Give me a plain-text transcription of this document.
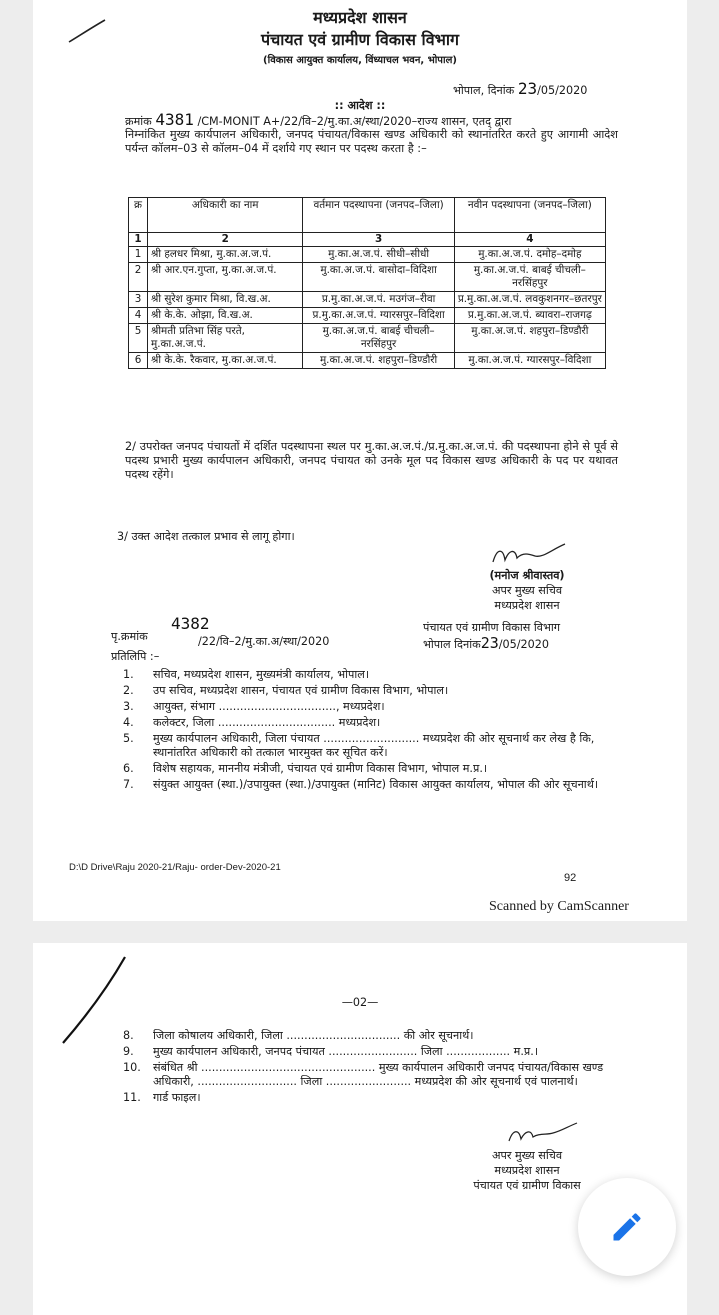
मध्यप्रदेश शासन
पंचायत एवं ग्रामीण विकास विभाग
(विकास आयुक्त कार्यालय, विंध्याचल भवन, भोपाल)
भोपाल, दिनांक 23/05/2020
:: आदेश ::
क्रमांक 4381 /CM-MONIT A+/22/वि–2/मु.का.अ/स्था/2020–राज्य शासन, एतद् द्वारा
निम्नांकित मुख्य कार्यपालन अधिकारी, जनपद पंचायत/विकास खण्ड अधिकारी को स्थानांतरित करते हुए आगामी आदेश पर्यन्त कॉलम–03 से कॉलम–04 में दर्शाये गए स्थान पर पदस्थ करता है :–
क्र	अधिकारी का नाम	वर्तमान पदस्थापना (जनपद–जिला)	नवीन पदस्थापना (जनपद–जिला)
1	2	3	4
1	श्री हलधर मिश्रा, मु.का.अ.ज.पं.	मु.का.अ.ज.पं. सीधी–सीधी	मु.का.अ.ज.पं. दमोह–दमोह
2	श्री आर.एन.गुप्ता, मु.का.अ.ज.पं.	मु.का.अ.ज.पं. बासोदा–विदिशा	मु.का.अ.ज.पं. बाबई चीचली–नरसिंहपुर
3	श्री सुरेश कुमार मिश्रा, वि.ख.अ.	प्र.मु.का.अ.ज.पं. मउगंज–रीवा	प्र.मु.का.अ.ज.पं. लवकुशनगर–छतरपुर
4	श्री के.के. ओझा, वि.ख.अ.	प्र.मु.का.अ.ज.पं. ग्यारसपुर–विदिशा	प्र.मु.का.अ.ज.पं. ब्यावरा–राजगढ़
5	श्रीमती प्रतिभा सिंह परते, मु.का.अ.ज.पं.	मु.का.अ.ज.पं. बाबई चीचली–नरसिंहपुर	मु.का.अ.ज.पं. शहपुरा–डिण्डौरी
6	श्री के.के. रैकवार, मु.का.अ.ज.पं.	मु.का.अ.ज.पं. शहपुरा–डिण्डौरी	मु.का.अ.ज.पं. ग्यारसपुर–विदिशा
2/ उपरोक्त जनपद पंचायतों में दर्शित पदस्थापना स्थल पर मु.का.अ.ज.पं./प्र.मु.का.अ.ज.पं. की पदस्थापना होने से पूर्व से पदस्थ प्रभारी मुख्य कार्यपालन अधिकारी, जनपद पंचायत को उनके मूल पद विकास खण्ड अधिकारी के पद पर यथावत पदस्थ रहेंगे।
3/ उक्त आदेश तत्काल प्रभाव से लागू होगा।
(मनोज श्रीवास्तव)
अपर मुख्य सचिव
मध्यप्रदेश शासन
पंचायत एवं ग्रामीण विकास विभाग
पृ.क्रमांक
4382
/22/वि–2/मु.का.अ/स्था/2020	भोपाल दिनांक23/05/2020
प्रतिलिपि :–
1.	सचिव, मध्यप्रदेश शासन, मुख्यमंत्री कार्यालय, भोपाल।
2.	उप सचिव, मध्यप्रदेश शासन, पंचायत एवं ग्रामीण विकास विभाग, भोपाल।
3.	आयुक्त, संभाग ................................., मध्यप्रदेश।
4.	कलेक्टर, जिला ................................. मध्यप्रदेश।
5.	मुख्य कार्यपालन अधिकारी, जिला पंचायत ........................... मध्यप्रदेश की ओर सूचनार्थ कर लेख है कि, स्थानांतरित अधिकारी को तत्काल भारमुक्त कर सूचित करें।
6.	विशेष सहायक, माननीय मंत्रीजी, पंचायत एवं ग्रामीण विकास विभाग, भोपाल म.प्र.।
7.	संयुक्त आयुक्त (स्था.)/उपायुक्त (स्था.)/उपायुक्त (मानिट) विकास आयुक्त कार्यालय, भोपाल की ओर सूचनार्थ।
D:\D Drive\Raju 2020-21/Raju- order-Dev-2020-21
92
Scanned by CamScanner
—02—
8.	जिला कोषालय अधिकारी, जिला ................................ की ओर सूचनार्थ।
9.	मुख्य कार्यपालन अधिकारी, जनपद पंचायत ......................... जिला .................. म.प्र.।
10.	संबंधित श्री ................................................. मुख्य कार्यपालन अधिकारी जनपद पंचायत/विकास खण्ड अधिकारी, ............................ जिला ........................ मध्यप्रदेश की ओर सूचनार्थ एवं पालनार्थ।
11.	गार्ड फाइल।
अपर मुख्य सचिव
मध्यप्रदेश शासन
पंचायत एवं ग्रामीण विकास
